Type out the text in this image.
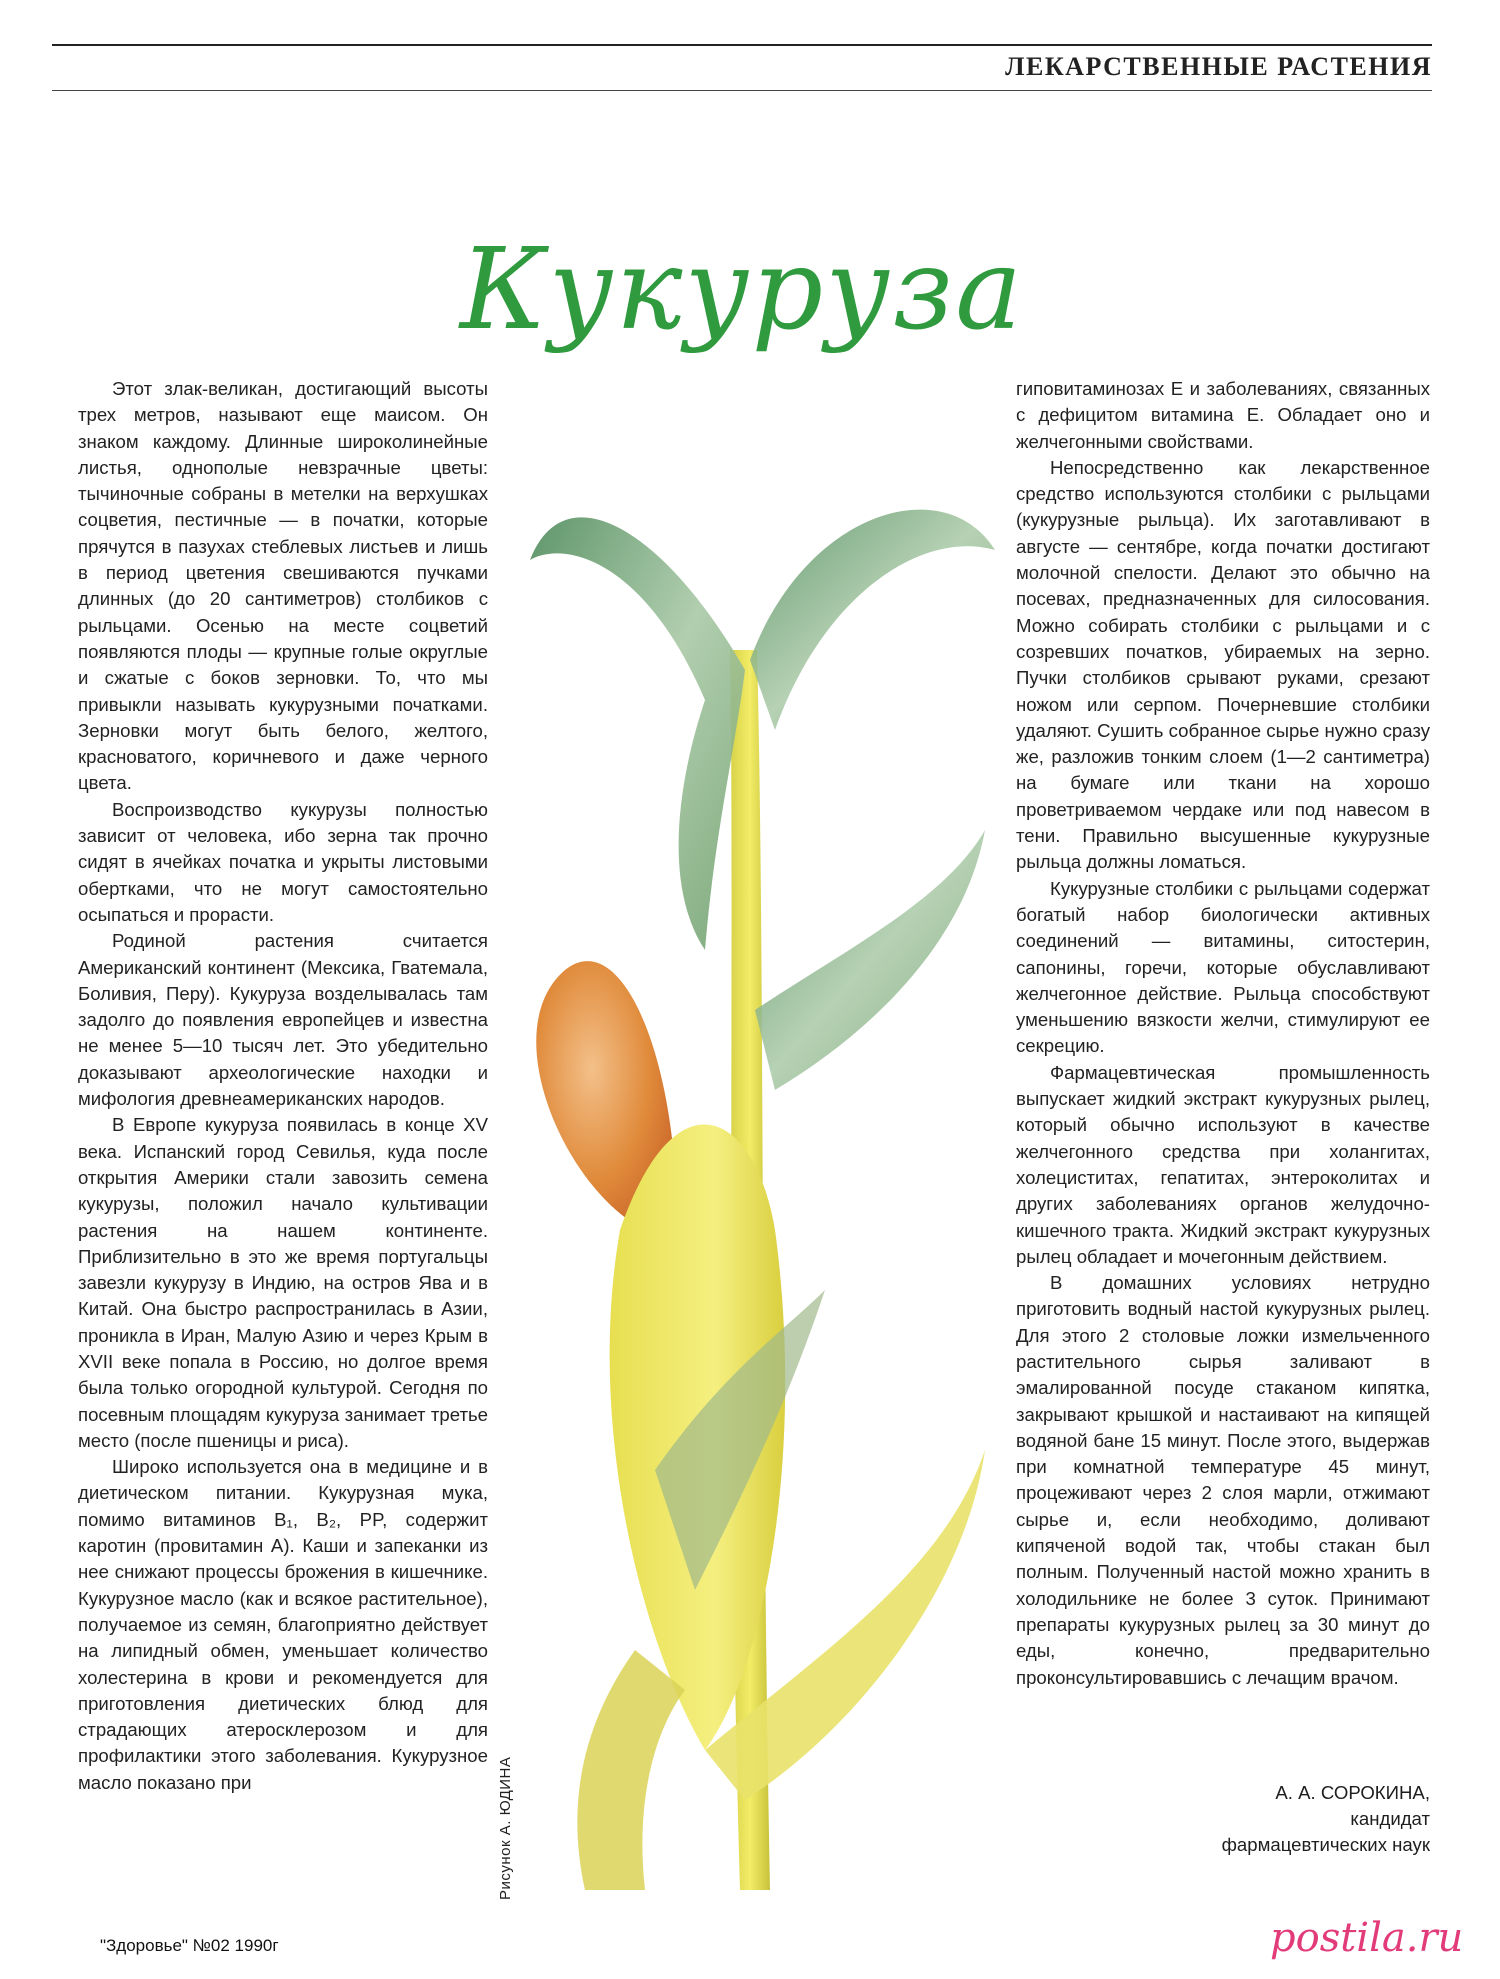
ЛЕКАРСТВЕННЫЕ РАСТЕНИЯ
Кукуруза

Этот злак-великан, достигающий высоты трех метров, называют еще маисом. Он знаком каждому. Длинные широколинейные листья, однополые невзрачные цветы: тычиночные собраны в метелки на верхушках соцветия, пестичные — в початки, которые прячутся в пазухах стеблевых листьев и лишь в период цветения свешиваются пучками длинных (до 20 сантиметров) столбиков с рыльцами. Осенью на месте соцветий появляются плоды — крупные голые округлые и сжатые с боков зерновки. То, что мы привыкли называть кукурузными початками. Зерновки могут быть белого, желтого, красноватого, коричневого и даже черного цвета.

Воспроизводство кукурузы полностью зависит от человека, ибо зерна так прочно сидят в ячейках початка и укрыты листовыми обертками, что не могут самостоятельно осыпаться и прорасти.

Родиной растения считается Американский континент (Мексика, Гватемала, Боливия, Перу). Кукуруза возделывалась там задолго до появления европейцев и известна не менее 5—10 тысяч лет. Это убедительно доказывают археологические находки и мифология древнеамериканских народов.

В Европе кукуруза появилась в конце XV века. Испанский город Севилья, куда после открытия Америки стали завозить семена кукурузы, положил начало культивации растения на нашем континенте. Приблизительно в это же время португальцы завезли кукурузу в Индию, на остров Ява и в Китай. Она быстро распространилась в Азии, проникла в Иран, Малую Азию и через Крым в XVII веке попала в Россию, но долгое время была только огородной культурой. Сегодня по посевным площадям кукуруза занимает третье место (после пшеницы и риса).

Широко используется она в медицине и в диетическом питании. Кукурузная мука, помимо витаминов B₁, B₂, PP, содержит каротин (провитамин A). Каши и запеканки из нее снижают процессы брожения в кишечнике. Кукурузное масло (как и всякое растительное), получаемое из семян, благоприятно действует на липидный обмен, уменьшает количество холестерина в крови и рекомендуется для приготовления диетических блюд для страдающих атеросклерозом и для профилактики этого заболевания. Кукурузное масло показано при	Рисунок А. ЮДИНА

гиповитаминозах E и заболеваниях, связанных с дефицитом витамина E. Обладает оно и желчегонными свойствами.

Непосредственно как лекарственное средство используются столбики с рыльцами (кукурузные рыльца). Их заготавливают в августе — сентябре, когда початки достигают молочной спелости. Делают это обычно на посевах, предназначенных для силосования. Можно собирать столбики с рыльцами и с созревших початков, убираемых на зерно. Пучки столбиков срывают руками, срезают ножом или серпом. Почерневшие столбики удаляют. Сушить собранное сырье нужно сразу же, разложив тонким слоем (1—2 сантиметра) на бумаге или ткани на хорошо проветриваемом чердаке или под навесом в тени. Правильно высушенные кукурузные рыльца должны ломаться.

Кукурузные столбики с рыльцами содержат богатый набор биологически активных соединений — витамины, ситостерин, сапонины, горечи, которые обуславливают желчегонное действие. Рыльца способствуют уменьшению вязкости желчи, стимулируют ее секрецию.

Фармацевтическая промышленность выпускает жидкий экстракт кукурузных рылец, который обычно используют в качестве желчегонного средства при холангитах, холециститах, гепатитах, энтероколитах и других заболеваниях органов желудочно-кишечного тракта. Жидкий экстракт кукурузных рылец обладает и мочегонным действием.

В домашних условиях нетрудно приготовить водный настой кукурузных рылец. Для этого 2 столовые ложки измельченного растительного сырья заливают в эмалированной посуде стаканом кипятка, закрывают крышкой и настаивают на кипящей водяной бане 15 минут. После этого, выдержав при комнатной температуре 45 минут, процеживают через 2 слоя марли, отжимают сырье и, если необходимо, доливают кипяченой водой так, чтобы стакан был полным. Полученный настой можно хранить в холодильнике не более 3 суток. Принимают препараты кукурузных рылец за 30 минут до еды, конечно, предварительно проконсультировавшись с лечащим врачом.

А. А. СОРОКИНА,
кандидат
фармацевтических наук
"Здоровье" №02 1990г	postila.ru
